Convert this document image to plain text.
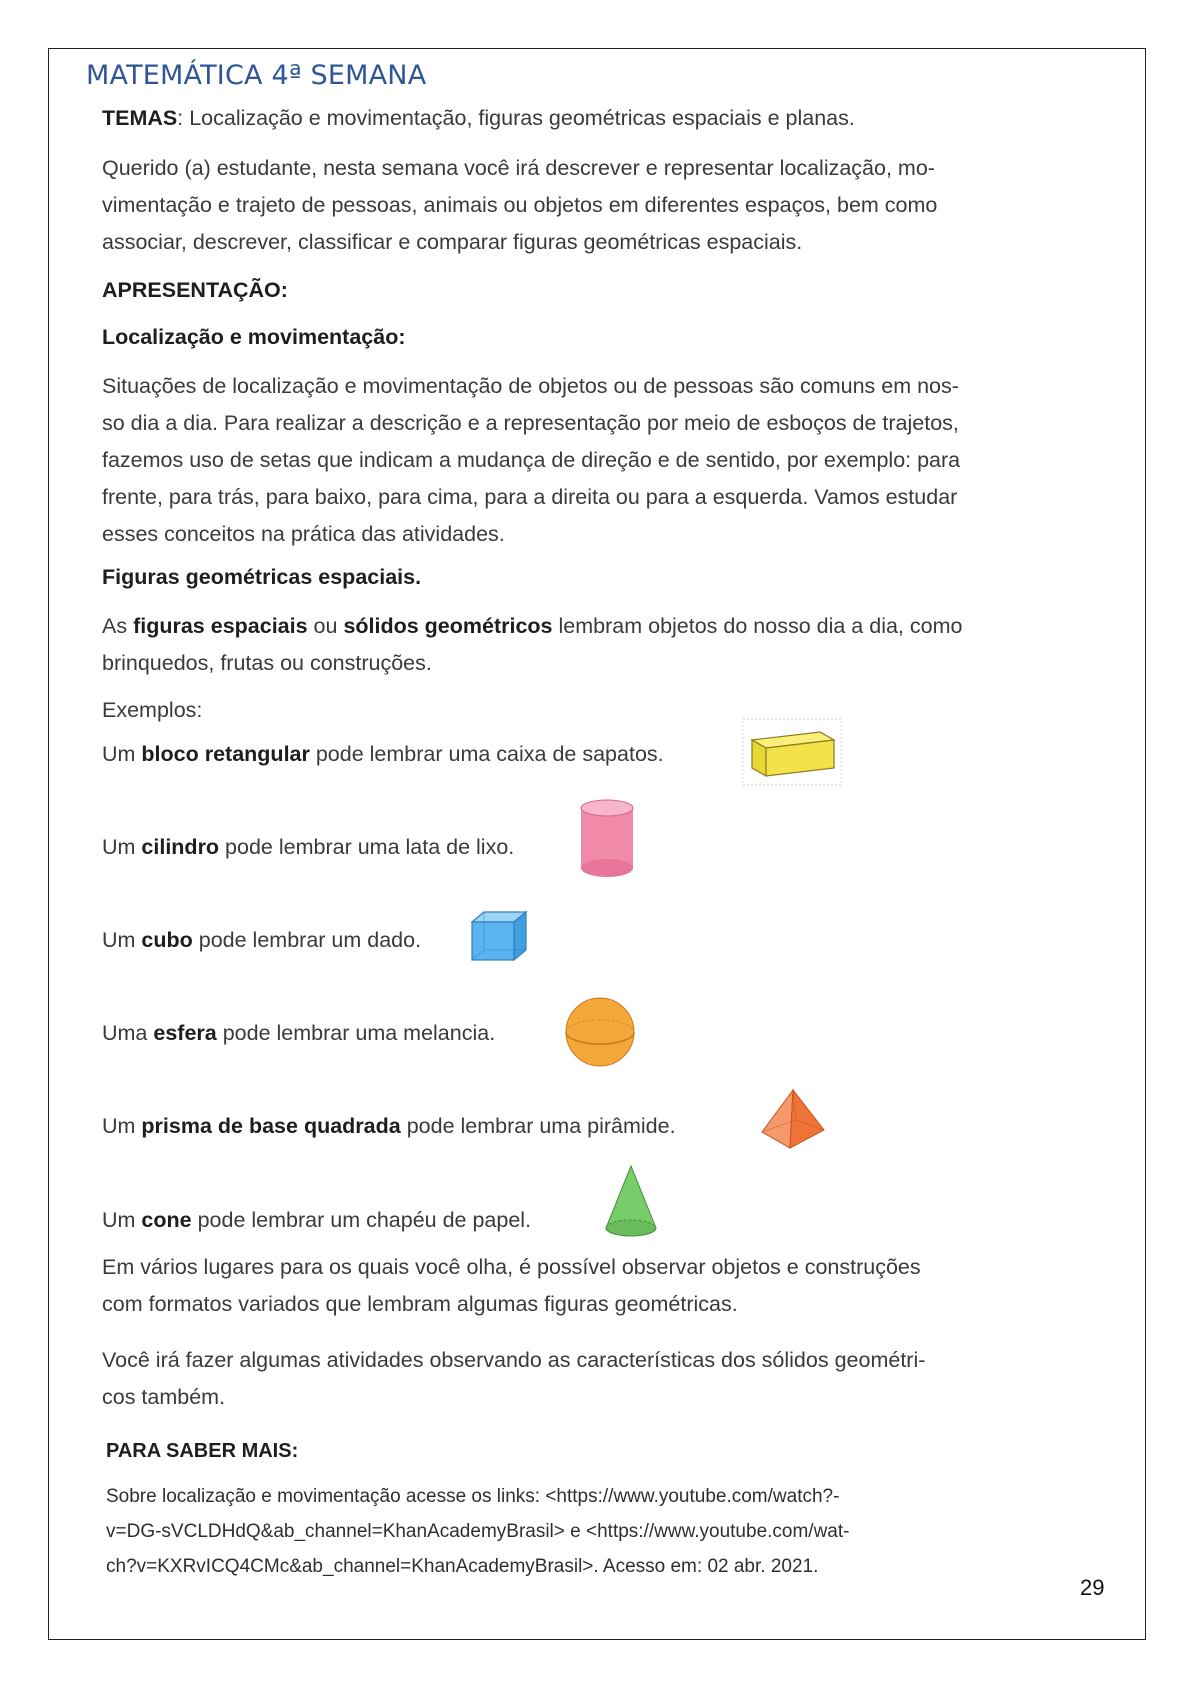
MATEMÁTICA 4ª SEMANA

TEMAS: Localização e movimentação, figuras geométricas espaciais e planas.

Querido (a) estudante, nesta semana você irá descrever e representar localização, mo-
vimentação e trajeto de pessoas, animais ou objetos em diferentes espaços, bem como
associar, descrever, classificar e comparar figuras geométricas espaciais.

APRESENTAÇÃO:
Localização e movimentação:

Situações de localização e movimentação de objetos ou de pessoas são comuns em nos-
so dia a dia. Para realizar a descrição e a representação por meio de esboços de trajetos,
fazemos uso de setas que indicam a mudança de direção e de sentido, por exemplo: para
frente, para trás, para baixo, para cima, para a direita ou para a esquerda. Vamos estudar
esses conceitos na prática das atividades.

Figuras geométricas espaciais.

As figuras espaciais ou sólidos geométricos lembram objetos do nosso dia a dia, como
brinquedos, frutas ou construções.

Exemplos:
Um bloco retangular pode lembrar uma caixa de sapatos.
Um cilindro pode lembrar uma lata de lixo.
Um cubo pode lembrar um dado.
Uma esfera pode lembrar uma melancia.
Um prisma de base quadrada pode lembrar uma pirâmide.
Um cone pode lembrar um chapéu de papel.

Em vários lugares para os quais você olha, é possível observar objetos e construções
com formatos variados que lembram algumas figuras geométricas.

Você irá fazer algumas atividades observando as características dos sólidos geométri-
cos também.

PARA SABER MAIS:

Sobre localização e movimentação acesse os links: <https://www.youtube.com/watch?-
v=DG-sVCLDHdQ&ab_channel=KhanAcademyBrasil> e <https://www.youtube.com/wat-
ch?v=KXRvICQ4CMc&ab_channel=KhanAcademyBrasil>. Acesso em: 02 abr. 2021.

29
